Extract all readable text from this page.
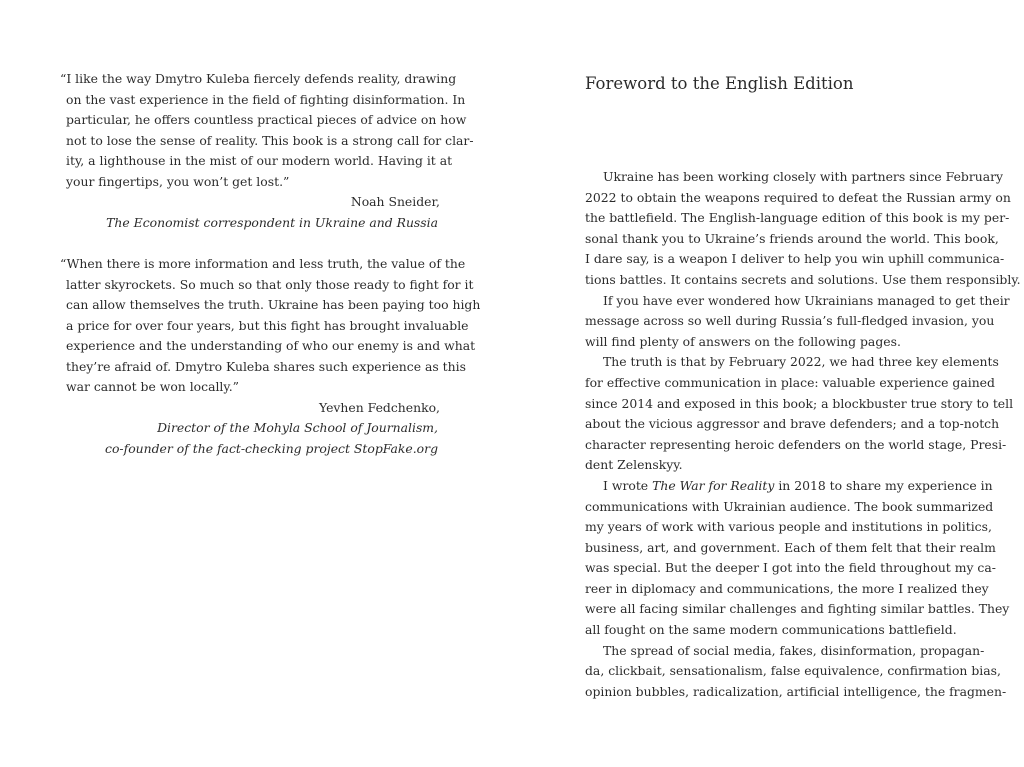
“I like the way Dmytro Kuleba fiercely defends reality, drawing
on the vast experience in the field of fighting disinformation. In
particular, he offers countless practical pieces of advice on how
not to lose the sense of reality. This book is a strong call for clar-
ity, a lighthouse in the mist of our modern world. Having it at
your fingertips, you won’t get lost.”
Noah Sneider,
The Economist correspondent in Ukraine and Russia
“When there is more information and less truth, the value of the
latter skyrockets. So much so that only those ready to fight for it
can allow themselves the truth. Ukraine has been paying too high
a price for over four years, but this fight has brought invaluable
experience and the understanding of who our enemy is and what
they’re afraid of. Dmytro Kuleba shares such experience as this
war cannot be won locally.”
Yevhen Fedchenko,
Director of the Mohyla School of Journalism,
co-founder of the fact-checking project StopFake.org
Foreword to the English Edition
Ukraine has been working closely with partners since February
2022 to obtain the weapons required to defeat the Russian army on
the battlefield. The English-language edition of this book is my per-
sonal thank you to Ukraine’s friends around the world. This book,
I dare say, is a weapon I deliver to help you win uphill communica-
tions battles. It contains secrets and solutions. Use them responsibly.
If you have ever wondered how Ukrainians managed to get their
message across so well during Russia’s full-fledged invasion, you
will find plenty of answers on the following pages.
The truth is that by February 2022, we had three key elements
for effective communication in place: valuable experience gained
since 2014 and exposed in this book; a blockbuster true story to tell
about the vicious aggressor and brave defenders; and a top-notch
character representing heroic defenders on the world stage, Presi-
dent Zelenskyy.
I wrote The War for Reality in 2018 to share my experience in
communications with Ukrainian audience. The book summarized
my years of work with various people and institutions in politics,
business, art, and government. Each of them felt that their realm
was special. But the deeper I got into the field throughout my ca-
reer in diplomacy and communications, the more I realized they
were all facing similar challenges and fighting similar battles. They
all fought on the same modern communications battlefield.
The spread of social media, fakes, disinformation, propagan-
da, clickbait, sensationalism, false equivalence, confirmation bias,
opinion bubbles, radicalization, artificial intelligence, the fragmen-
